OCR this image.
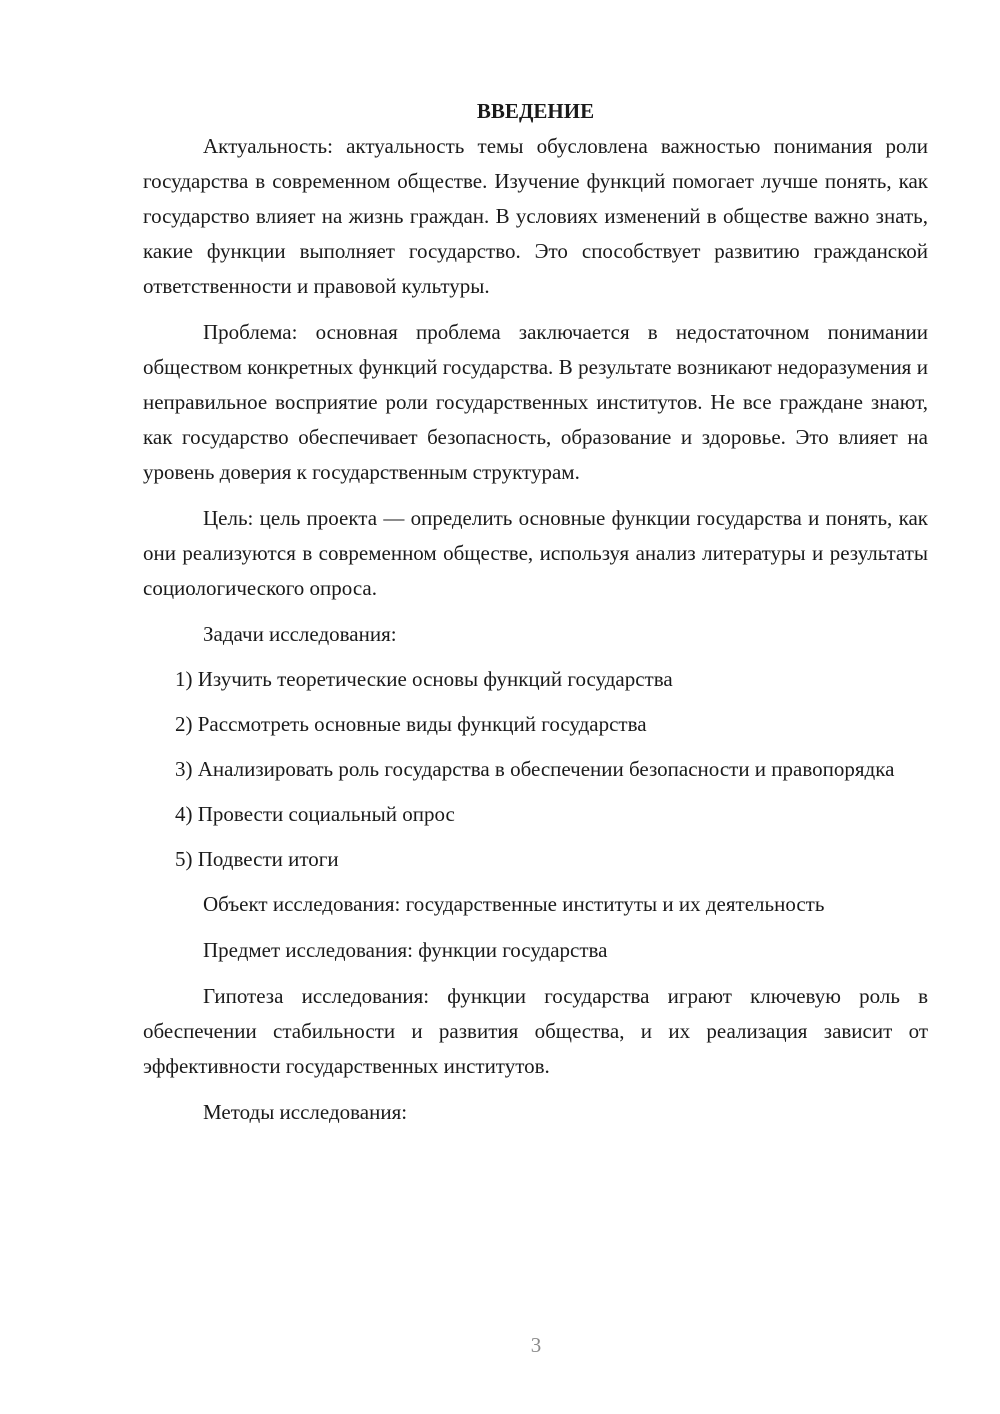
ВВЕДЕНИЕ

Актуальность: актуальность темы обусловлена важностью понимания роли государства в современном обществе. Изучение функций помогает лучше понять, как государство влияет на жизнь граждан. В условиях изменений в обществе важно знать, какие функции выполняет государство. Это способствует развитию гражданской ответственности и правовой культуры.

Проблема: основная проблема заключается в недостаточном понимании обществом конкретных функций государства. В результате возникают недоразумения и неправильное восприятие роли государственных институтов. Не все граждане знают, как государство обеспечивает безопасность, образование и здоровье. Это влияет на уровень доверия к государственным структурам.

Цель: цель проекта — определить основные функции государства и понять, как они реализуются в современном обществе, используя анализ литературы и результаты социологического опроса.

Задачи исследования:

1) Изучить теоретические основы функций государства

2) Рассмотреть основные виды функций государства

3) Анализировать роль государства в обеспечении безопасности и правопорядка

4) Провести социальный опрос

5) Подвести итоги

Объект исследования: государственные институты и их деятельность

Предмет исследования: функции государства

Гипотеза исследования: функции государства играют ключевую роль в обеспечении стабильности и развития общества, и их реализация зависит от эффективности государственных институтов.

Методы исследования:

3
